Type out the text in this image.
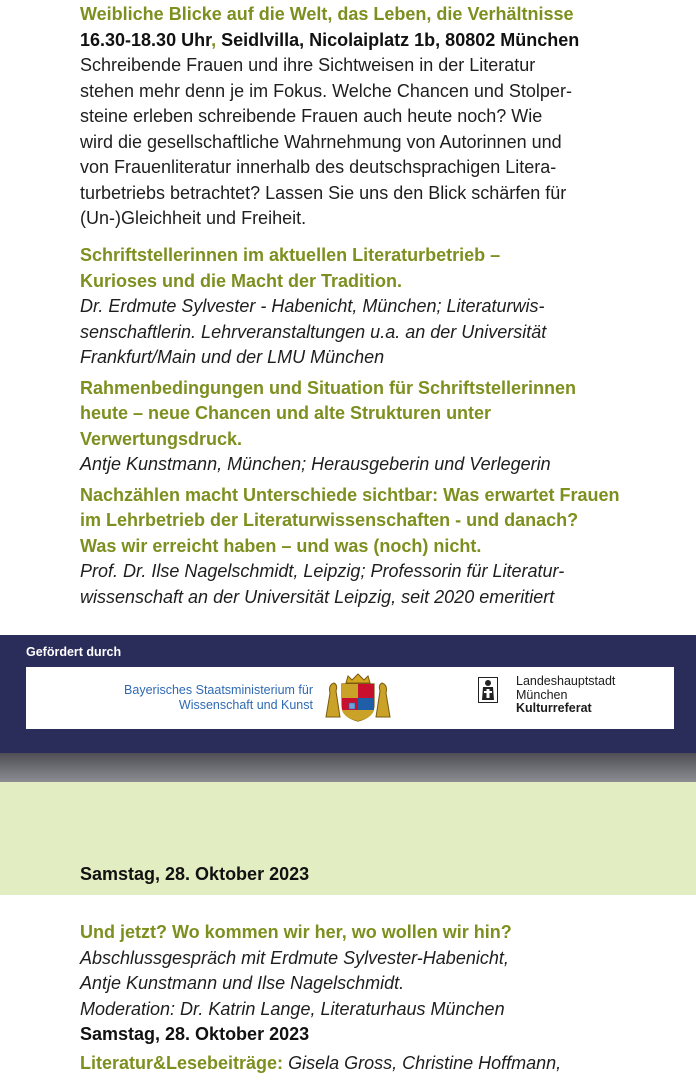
Weibliche Blicke auf die Welt, das Leben, die Verhältnisse

16.30-18.30 Uhr, Seidlvilla, Nicolaiplatz 1b, 80802 München

Schreibende Frauen und ihre Sichtweisen in der Literatur
stehen mehr denn je im Fokus. Welche Chancen und Stolper-
steine erleben schreibende Frauen auch heute noch? Wie
wird die gesellschaftliche Wahrnehmung von Autorinnen und
von Frauenliteratur innerhalb des deutschsprachigen Litera-
turbetriebs betrachtet? Lassen Sie uns den Blick schärfen für
(Un-)Gleichheit und Freiheit.
Schriftstellerinnen im aktuellen Literaturbetrieb –
Kurioses und die Macht der Tradition.
Dr. Erdmute Sylvester - Habenicht, München; Literaturwis-
senschaftlerin. Lehrveranstaltungen u.a. an der Universität
Frankfurt/Main und der LMU München
Rahmenbedingungen und Situation für Schriftstellerinnen
heute – neue Chancen und alte Strukturen unter
Verwertungsdruck.
Antje Kunstmann, München; Herausgeberin und Verlegerin
Nachzählen macht Unterschiede sichtbar: Was erwartet Frauen
im Lehrbetrieb der Literaturwissenschaften - und danach?
Was wir erreicht haben – und was (noch) nicht.
Prof. Dr. Ilse Nagelschmidt, Leipzig; Professorin für Literatur-
wissenschaft an der Universität Leipzig, seit 2020 emeritiert
Gefördert durch
Bayerisches Staatsministerium für
Wissenschaft und Kunst
Landeshauptstadt
München
Kulturreferat
Samstag, 28. Oktober 2023
Und jetzt? Wo kommen wir her, wo wollen wir hin?
Abschlussgespräch mit Erdmute Sylvester-Habenicht,
Antje Kunstmann und Ilse Nagelschmidt.
Moderation: Dr. Katrin Lange, Literaturhaus München
Samstag, 28. Oktober 2023
Literatur&Lesebeiträge: Gisela Gross, Christine Hoffmann,
